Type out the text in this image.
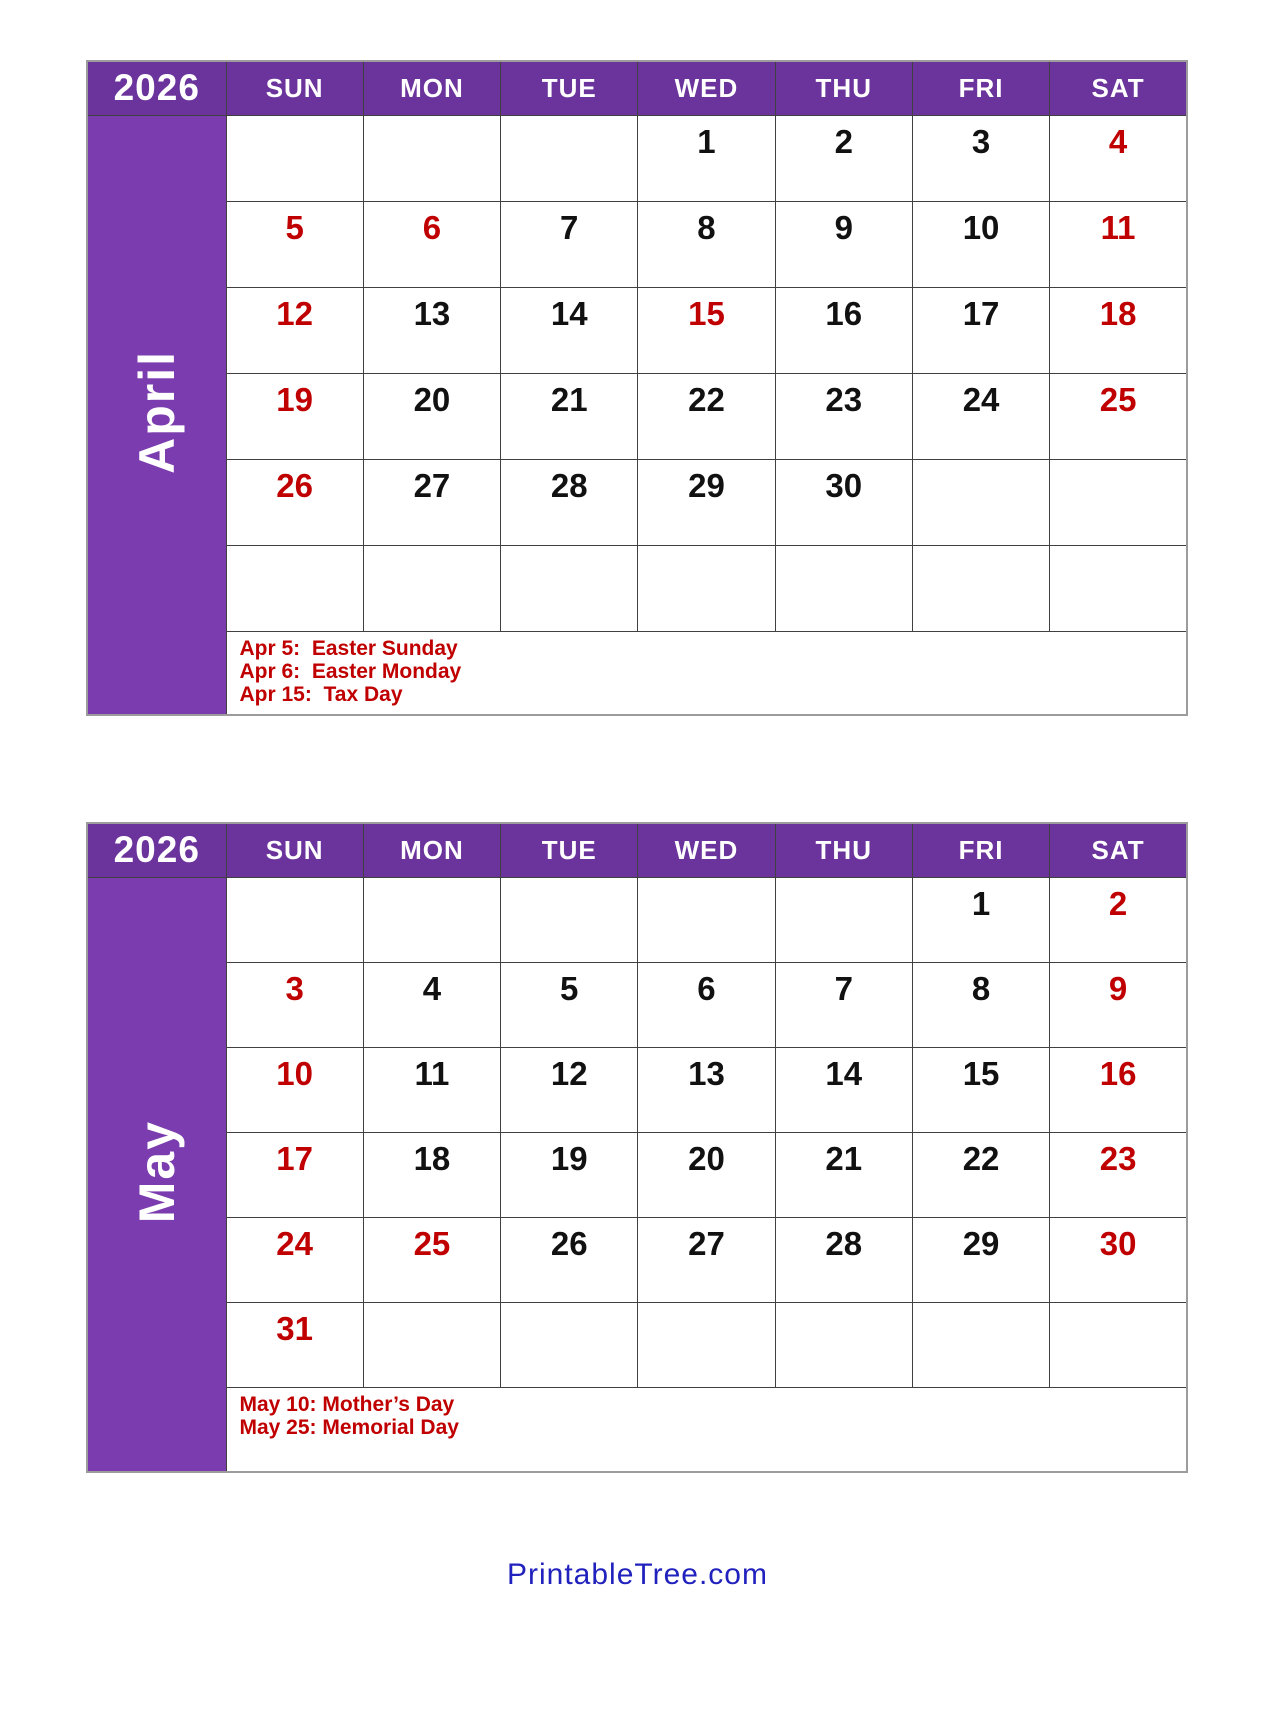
2026	SUN	MON	TUE	WED	THU	FRI	SAT
April				1	2	3	4
	5	6	7	8	9	10	11
	12	13	14	15	16	17	18
	19	20	21	22	23	24	25
	26	27	28	29	30		

	Apr 5:  Easter Sunday
Apr 6:  Easter Monday
Apr 15:  Tax Day						
2026	SUN	MON	TUE	WED	THU	FRI	SAT
May						1	2
	3	4	5	6	7	8	9
	10	11	12	13	14	15	16
	17	18	19	20	21	22	23
	24	25	26	27	28	29	30
	31						

	May 10: Mother’s Day
May 25: Memorial Day						
PrintableTree.com
